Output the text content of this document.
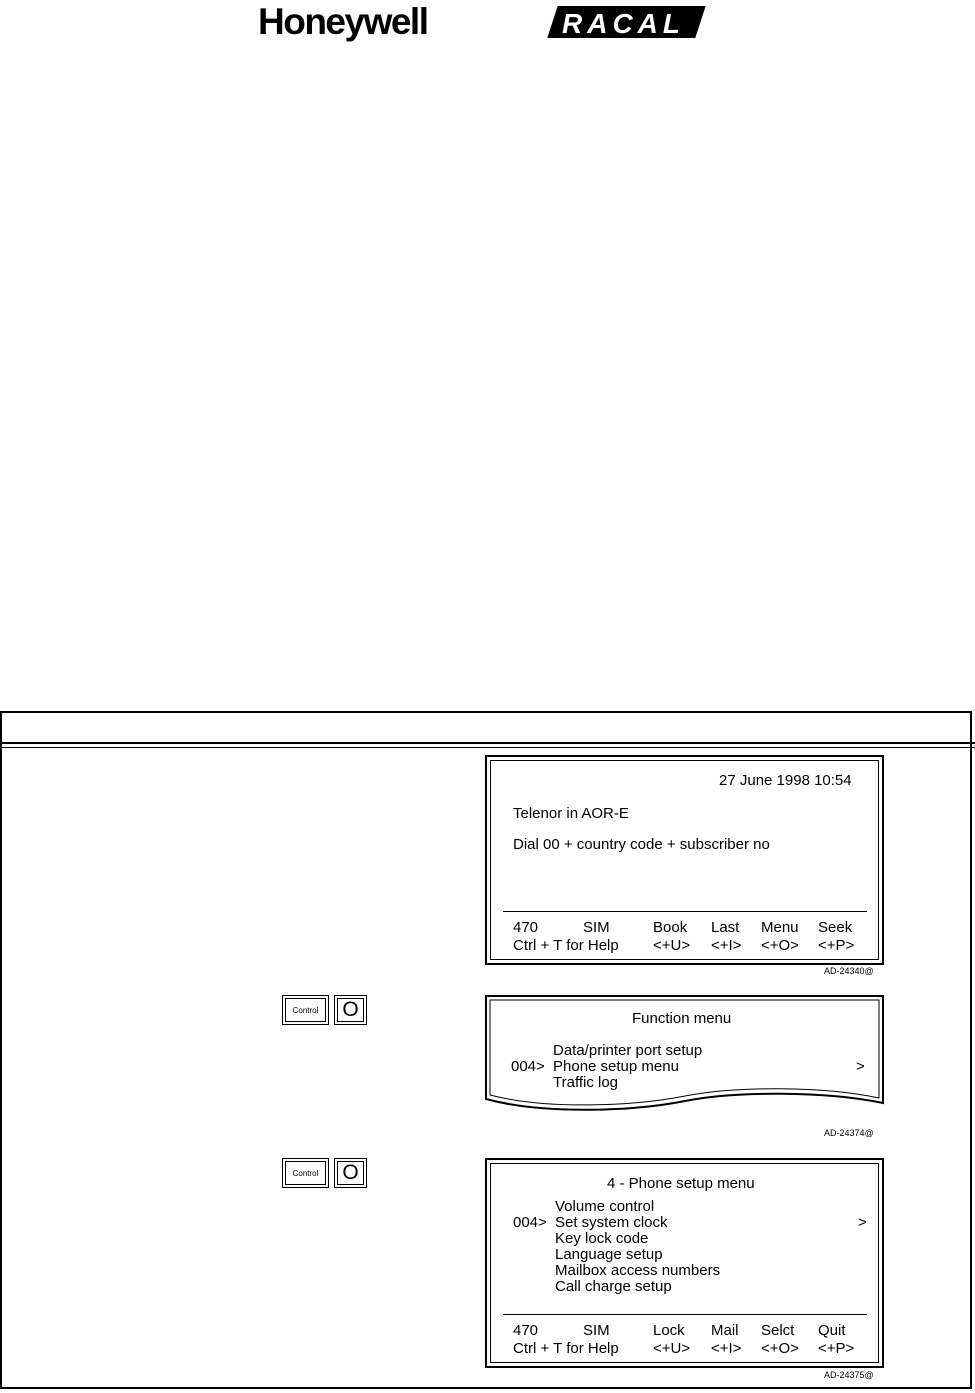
Honeywell	RACAL
27 June 1998 10:54
Telenor in AOR-E
Dial 00 + country code + subscriber no
470	SIM	Book Last Menu Seek
Ctrl + T for Help <+U> <+I> <+O> <+P>
AD-24340@
Control	O	Function menu
Data/printer port setup
004> Phone setup menu	>
Traffic log
AD-24374@
Control	O	4 - Phone setup menu
Volume control
004> Set system clock	>
Key lock code
Language setup
Mailbox access numbers
Call charge setup
470	SIM	Lock Mail Selct Quit
Ctrl + T for Help <+U> <+I> <+O> <+P>
AD-24375@
